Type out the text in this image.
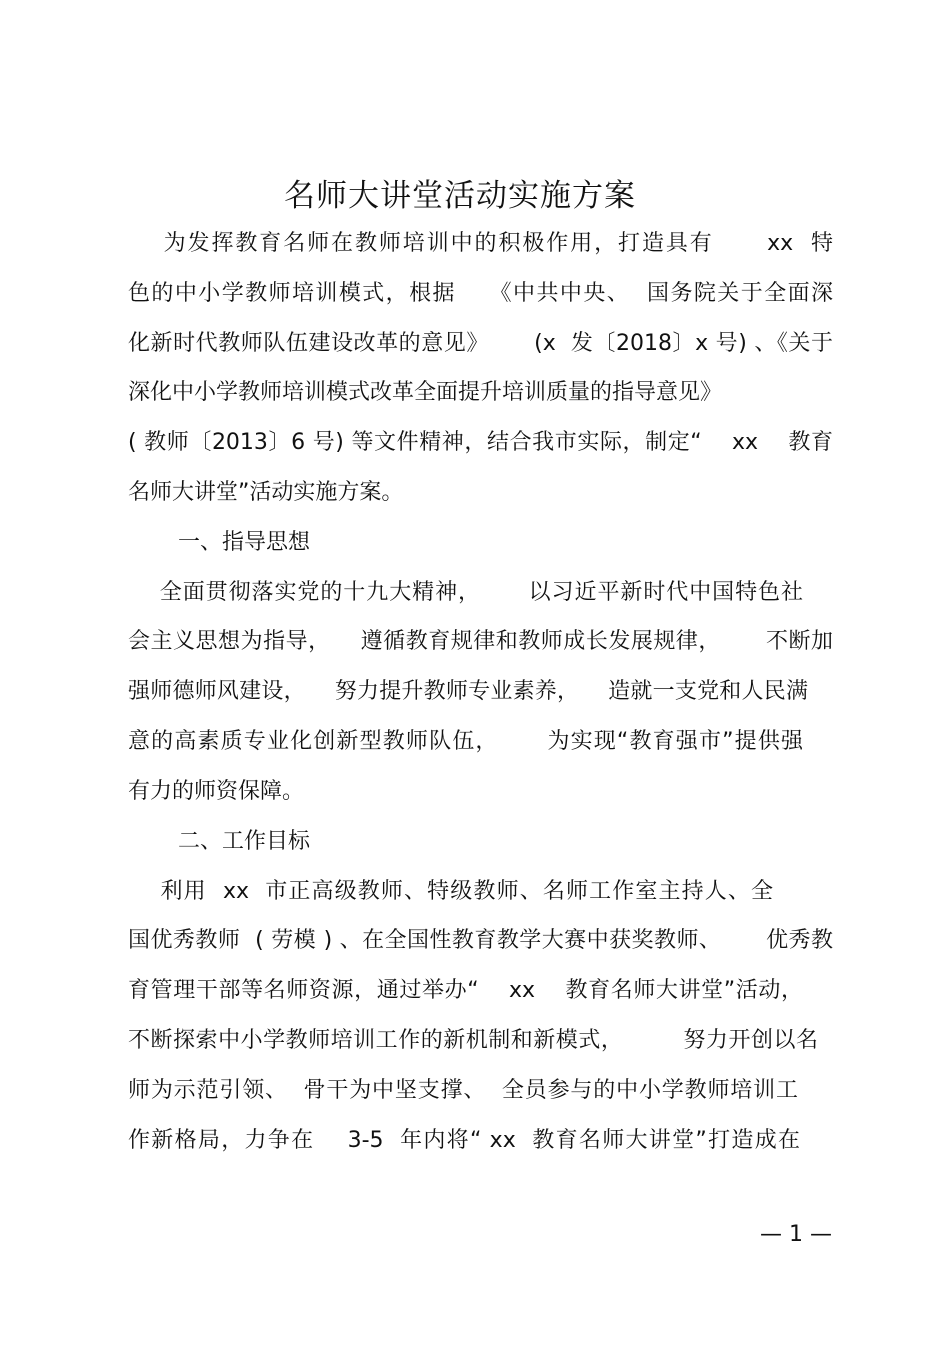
名师大讲堂活动实施方案
为发挥教育名师在教师培训中的积极作用，打造具有      xx  特
色的中小学教师培训模式，根据    《中共中央、  国务院关于全面深
化新时代教师队伍建设改革的意见》      (x  发〔2018〕x 号) 、《关于
深化中小学教师培训模式改革全面提升培训质量的指导意见》
( 教师〔2013〕6 号) 等文件精神，结合我市实际，制定“    xx    教育
名师大讲堂”活动实施方案。
一、指导思想
全面贯彻落实党的十九大精神，      以习近平新时代中国特色社
会主义思想为指导，    遵循教育规律和教师成长发展规律，      不断加
强师德师风建设，    努力提升教师专业素养，    造就一支党和人民满
意的高素质专业化创新型教师队伍，      为实现“教育强市”提供强
有力的师资保障。
二、工作目标
利用  xx  市正高级教师、特级教师、名师工作室主持人、全
国优秀教师  ( 劳模 ) 、在全国性教育教学大赛中获奖教师、      优秀教
育管理干部等名师资源，通过举办“    xx    教育名师大讲堂”活动，
不断探索中小学教师培训工作的新机制和新模式，        努力开创以名
师为示范引领、  骨干为中坚支撑、  全员参与的中小学教师培训工
作新格局，力争在    3-5  年内将“ xx  教育名师大讲堂”打造成在
— 1 —
